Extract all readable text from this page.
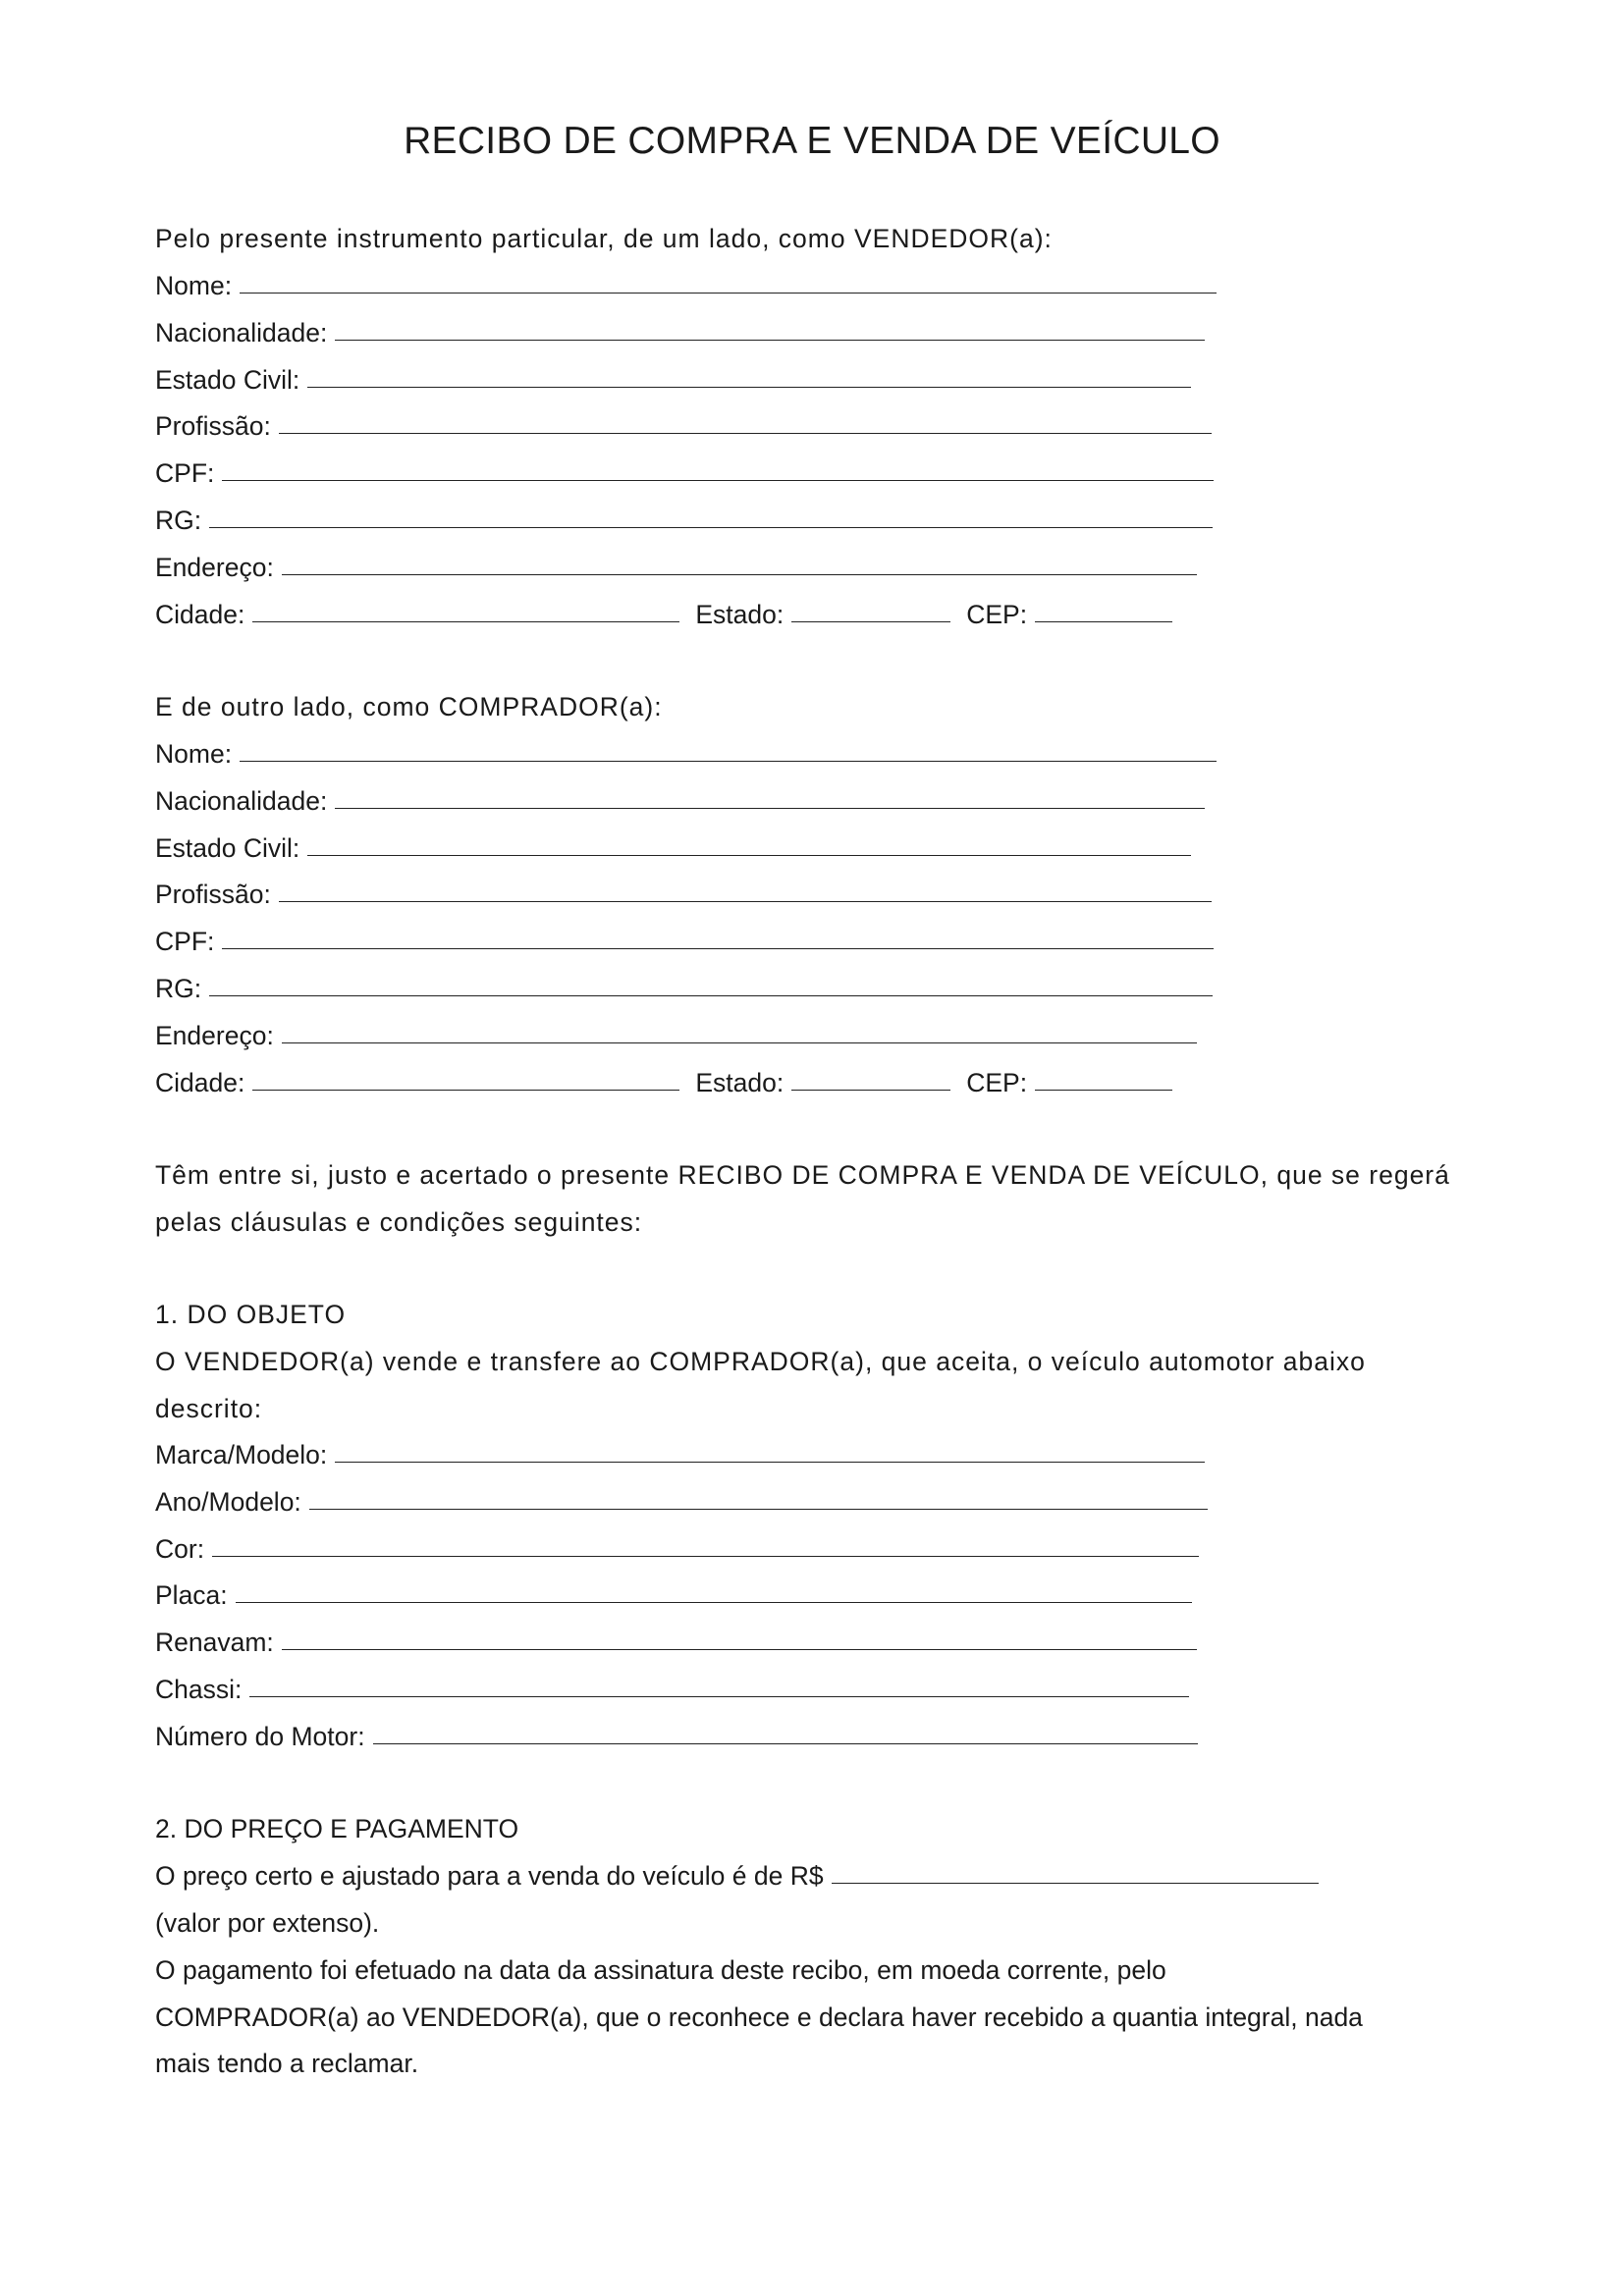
RECIBO DE COMPRA E VENDA DE VEÍCULO
Pelo presente instrumento particular, de um lado, como VENDEDOR(a):
Nome:
Nacionalidade:
Estado Civil:
Profissão:
CPF:
RG:
Endereço:
Cidade:	Estado:	CEP:
E de outro lado, como COMPRADOR(a):
Nome:
Nacionalidade:
Estado Civil:
Profissão:
CPF:
RG:
Endereço:
Cidade:	Estado:	CEP:
Têm entre si, justo e acertado o presente RECIBO DE COMPRA E VENDA DE VEÍCULO, que se regerá
pelas cláusulas e condições seguintes:
1. DO OBJETO
O VENDEDOR(a) vende e transfere ao COMPRADOR(a), que aceita, o veículo automotor abaixo
descrito:
Marca/Modelo:
Ano/Modelo:
Cor:
Placa:
Renavam:
Chassi:
Número do Motor:
2. DO PREÇO E PAGAMENTO
O preço certo e ajustado para a venda do veículo é de R$
(valor por extenso).
O pagamento foi efetuado na data da assinatura deste recibo, em moeda corrente, pelo
COMPRADOR(a) ao VENDEDOR(a), que o reconhece e declara haver recebido a quantia integral, nada
mais tendo a reclamar.
